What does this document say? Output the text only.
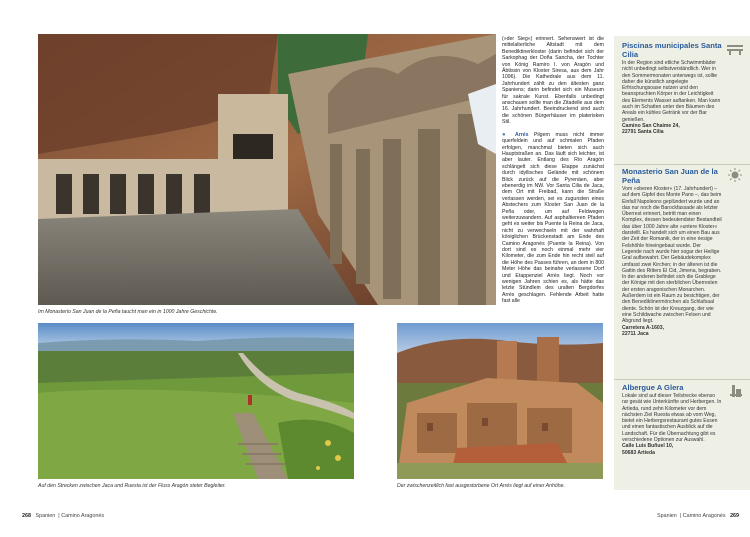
Im Monasterio San Juan de la Peña taucht man ein in 1000 Jahre Geschichte.
Auf den Strecken zwischen Jaca und Ruesta ist der Fluss Aragón steter Begleiter.	Der zwischenzeitlich fast ausgestorbene Ort Arrés liegt auf einer Anhöhe.

(»der Sieg«) erinnert. Sehenswert ist die mittelalterliche Altstadt mit dem Benediktinerkloster (darin befindet sich der Sarkophag der Doña Sancha, der Tochter von König Ramiro I. von Aragón und Äbtissin von Kloster Siresa, aus dem Jahr 1096). Die Kathedrale aus dem 11. Jahrhundert zählt zu den ältesten ganz Spaniens; darin befindet sich ein Museum für sakrale Kunst. Ebenfalls unbedingt anschauen sollte man die Zitadelle aus dem 16. Jahrhundert. Beeindruckend sind auch die schönen Bürgerhäuser im platerisken Stil.

● Arrés Pilgern muss nicht immer querfeldein und auf schmalen Pfaden erfolgen, manchmal bieten sich auch Hauptstraßen an. Das läuft sich leichter, ist aber lauter. Entlang des Río Aragón schlängelt sich diese Etappe zunächst durch idyllisches Gelände mit schönem Blick zurück auf die Pyrenäen, aber ebenerdig im NW. Vor Santa Cilia de Jaca, dem Ort mit Freibad, kann die Straße verlassen werden, sei es zugunsten eines Abstechers zum Kloster San Juan de la Peña oder, um auf Feldwegen weiterzuwandern. Auf asphaltiereen Pfaden geht es weiter bis Puente la Reina de Jaca, nicht zu verwechseln mit der wahrhaft königlichen Brückenstadt am Ende des Camino Aragonés (Puente la Reina). Von dort sind es noch einmal mehr vier Kilometer, die zum Ende hin recht steil auf die Höhe des Passes führen, an dem in 800 Meter Höhe das beinahe verlassene Dorf und Etappenziel Arrés liegt. Noch vor wenigen Jahren schien es, als hätte das letzte Stündlein des uralten Bergdorfes Arrés geschlagen. Fehlende Arbeit hatte fast alle

Piscinas municipales Santa Cilia
In der Region sind etliche Schwimmbäder nicht unbedingt selbstverständlich. Wer in den Sommermonaten unterwegs ist, sollte daher die künstlich angelegte Erfrischungsoase nutzen und den beanspruchten Körper in der Leichtigkeit des Elements Wasser auftanken. Man kann auch im Schatten unter den Bäumen des Areals ein kühles Getränk vor der Bar genießen.
Camino San Chaime 24,
22791 Santa Cilia
Monasterio San Juan de la Peña
Vom »oberen Kloster« (17. Jahrhundert) – auf dem Gipfel des Monte Pano –, das beim Einfall Napoleons geplündert wurde und an das nur noch die Barockfassade als letzter Überrest erinnert, betritt man einen Komplex, dessen bedeutendster Bestandteil das über 1000 Jahre alte »untere Kloster« darstellt. Es handelt sich um einen Bau aus der Zeit der Romanik, der in eine riesige Felshöhle hineingebaut wurde. Der Legende nach wurde hier sogar der Heilige Gral aufbewahrt. Der Gebäudekomplex umfasst zwei Kirchen; in der älteren ist die Gattin des Ritters El Cid, Jimena, begraben. In der anderen befindet sich die Grablege der Könige mit den sterblichen Überresten der ersten aragonischen Monarchen. Außerdem ist ein Raum zu besichtigen, der den Benediktinermönchen als Schlafsaal diente. Schön ist der Kreuzgang, der wie eine Schildwache zwischen Felsen und Abgrund liegt.
Carretera A-1603,
22711 Jaca
Albergue A Glera
Lokale sind auf dieser Teilstrecke ebenso rar gesät wie Unterkünfte und Herbergen. In Artieda, rund zehn Kilometer vor dem nächsten Ziel Ruesta etwas ab vom Weg, bietet ein Herbergsrestaurant gutes Essen und einen fantastischen Ausblick auf die Landschaft. Für die Übernachtung gibt es verschiedene Optionen zur Auswahl.
Calle Luis Buñuel 10,
50683 Artieda
268 Spanien  | Camino Aragonés	Spanien  | Camino Aragonés 269
